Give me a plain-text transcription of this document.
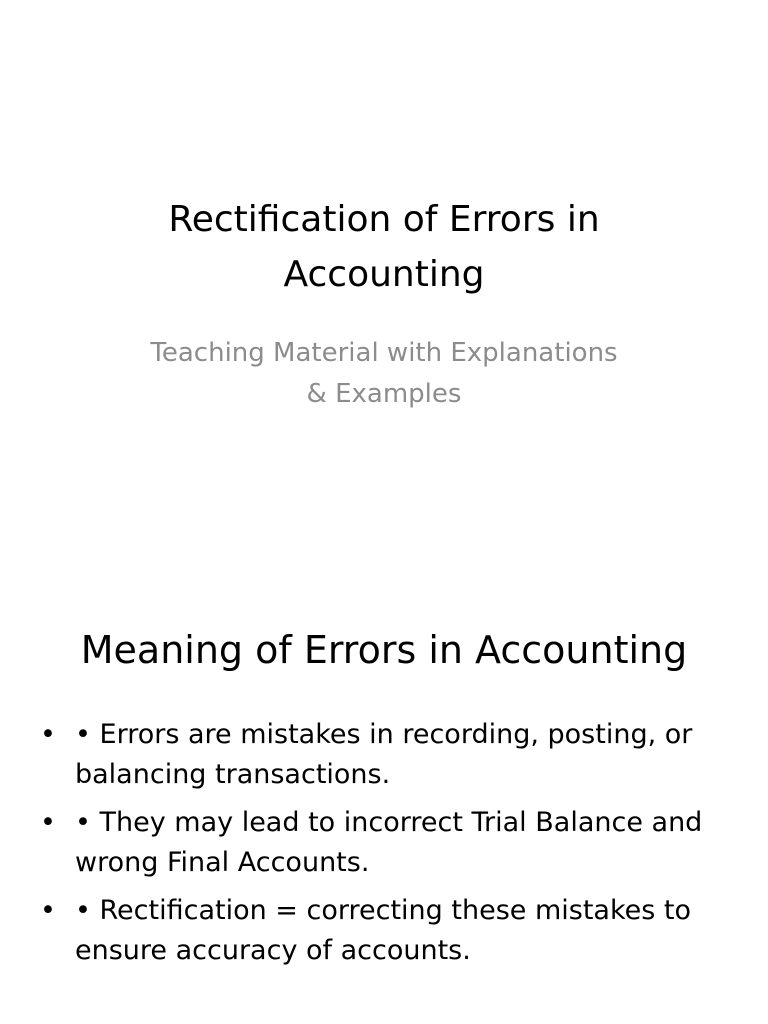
Rectification of Errors in
Accounting
Teaching Material with Explanations
& Examples
Meaning of Errors in Accounting
• • Errors are mistakes in recording, posting, or balancing transactions.
• • They may lead to incorrect Trial Balance and wrong Final Accounts.
• • Rectification = correcting these mistakes to ensure accuracy of accounts.
